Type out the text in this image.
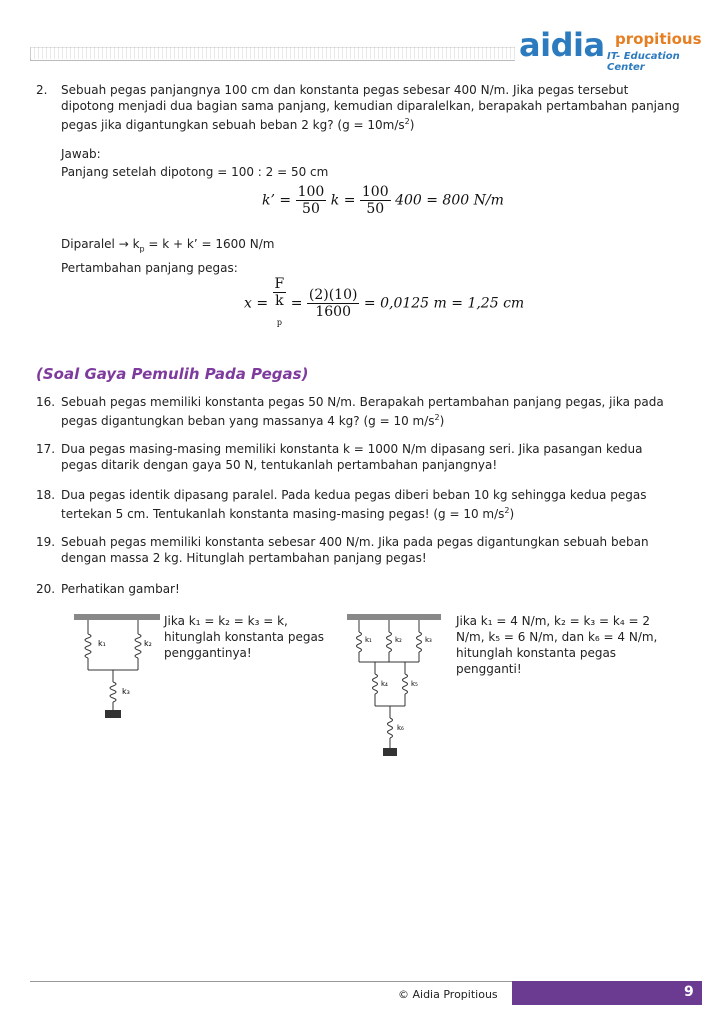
aidia propitious
IT- Education Center
2. Sebuah pegas panjangnya 100 cm dan konstanta pegas sebesar 400 N/m. Jika pegas tersebut
dipotong menjadi dua bagian sama panjang, kemudian diparalelkan, berapakah pertambahan panjang
pegas jika digantungkan sebuah beban 2 kg? $(g = 10m/s^2)$
Jawab:
Panjang setelah dipotong = 100 : 2 = 50 cm
k’ = $\frac{100}{50}$ $k = \frac{100}{50} 400 = 800$ N/m
Diparalel → $k_p = k + k$’ = 1600 N/m
Pertambahan panjang pegas:
x = F
k
$_p = \frac{(2)(10)}{1600} = 0,0125$ m = 1,25 cm
(Soal Gaya Pemulih Pada Pegas)
16. Sebuah pegas memiliki konstanta pegas 50 N/m. Berapakah pertambahan panjang pegas, jika pada
pegas digantungkan beban yang massanya 4 kg? (g = 10 $m/s^2$)
17. Dua pegas masing-masing memiliki konstanta k = 1000 N/m dipasang seri. Jika pasangan kedua
pegas ditarik dengan gaya 50 N, tentukanlah pertambahan panjangnya!
18. Dua pegas identik dipasang paralel. Pada kedua pegas diberi beban 10 kg sehingga kedua pegas
tertekan 5 cm. Tentukanlah konstanta masing-masing pegas! (g = 10 $m/s^2$)
19. Sebuah pegas memiliki konstanta sebesar 400 N/m. Jika pada pegas digantungkan sebuah beban
dengan massa 2 kg. Hitunglah pertambahan panjang pegas!
20. Perhatikan gambar!
Jika k₁ = k₂ = k₃ = k,
hitunglah konstanta pegas
penggantinya!
Jika k₁ = 4 N/m, k₂ = k₃ = k₄ = 2
N/m, k₅ = 6 N/m, dan k₆ = 4 N/m,
hitunglah konstanta pegas
pengganti!
k₁	k₂
k₃
k₁	k₂	k₃
k₄	k₅
k₆
© Aidia Propitious	9
